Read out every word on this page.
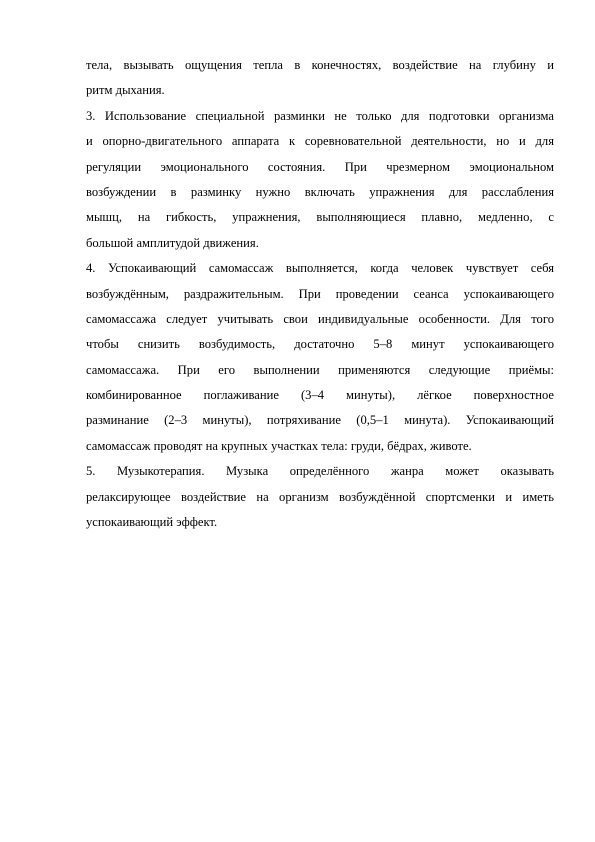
тела, вызывать ощущения тепла в конечностях, воздействие на глубину и
ритм дыхания.

3. Использование специальной разминки не только для подготовки организма
и опорно-двигательного аппарата к соревновательной деятельности, но и для
регуляции эмоционального состояния. При чрезмерном эмоциональном
возбуждении в разминку нужно включать упражнения для расслабления
мышц, на гибкость, упражнения, выполняющиеся плавно, медленно, с
большой амплитудой движения.

4. Успокаивающий самомассаж выполняется, когда человек чувствует себя
возбуждённым, раздражительным. При проведении сеанса успокаивающего
самомассажа следует учитывать свои индивидуальные особенности. Для того
чтобы снизить возбудимость, достаточно 5–8 минут успокаивающего
самомассажа. При его выполнении применяются следующие приёмы:
комбинированное поглаживание (3–4 минуты), лёгкое поверхностное
разминание (2–3 минуты), потряхивание (0,5–1 минута). Успокаивающий
самомассаж проводят на крупных участках тела: груди, бёдрах, животе.

5. Музыкотерапия. Музыка определённого жанра может оказывать
релаксирующее воздействие на организм возбуждённой спортсменки и иметь
успокаивающий эффект.
